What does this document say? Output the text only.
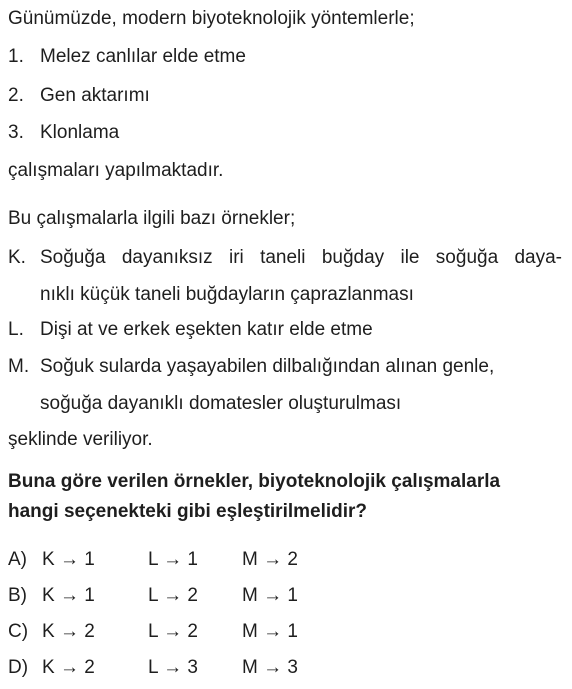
Günümüzde, modern biyoteknolojik yöntemlerle;
1. Melez canlılar elde etme
2. Gen aktarımı
3. Klonlama
çalışmaları yapılmaktadır.
Bu çalışmalarla ilgili bazı örnekler;
K. Soğuğa dayanıksız iri taneli buğday ile soğuğa daya-
nıklı küçük taneli buğdayların çaprazlanması
L. Dişi at ve erkek eşekten katır elde etme
M. Soğuk sularda yaşayabilen dilbalığından alınan genle,
soğuğa dayanıklı domatesler oluşturulması
şeklinde veriliyor.
Buna göre verilen örnekler, biyoteknolojik çalışmalarla
hangi seçenekteki gibi eşleştirilmelidir?
A) K → 1	L → 1 M → 2
B) K → 1	L → 2 M → 1
C) K → 2	L → 2 M → 1
D) K → 2	L → 3 M → 3
